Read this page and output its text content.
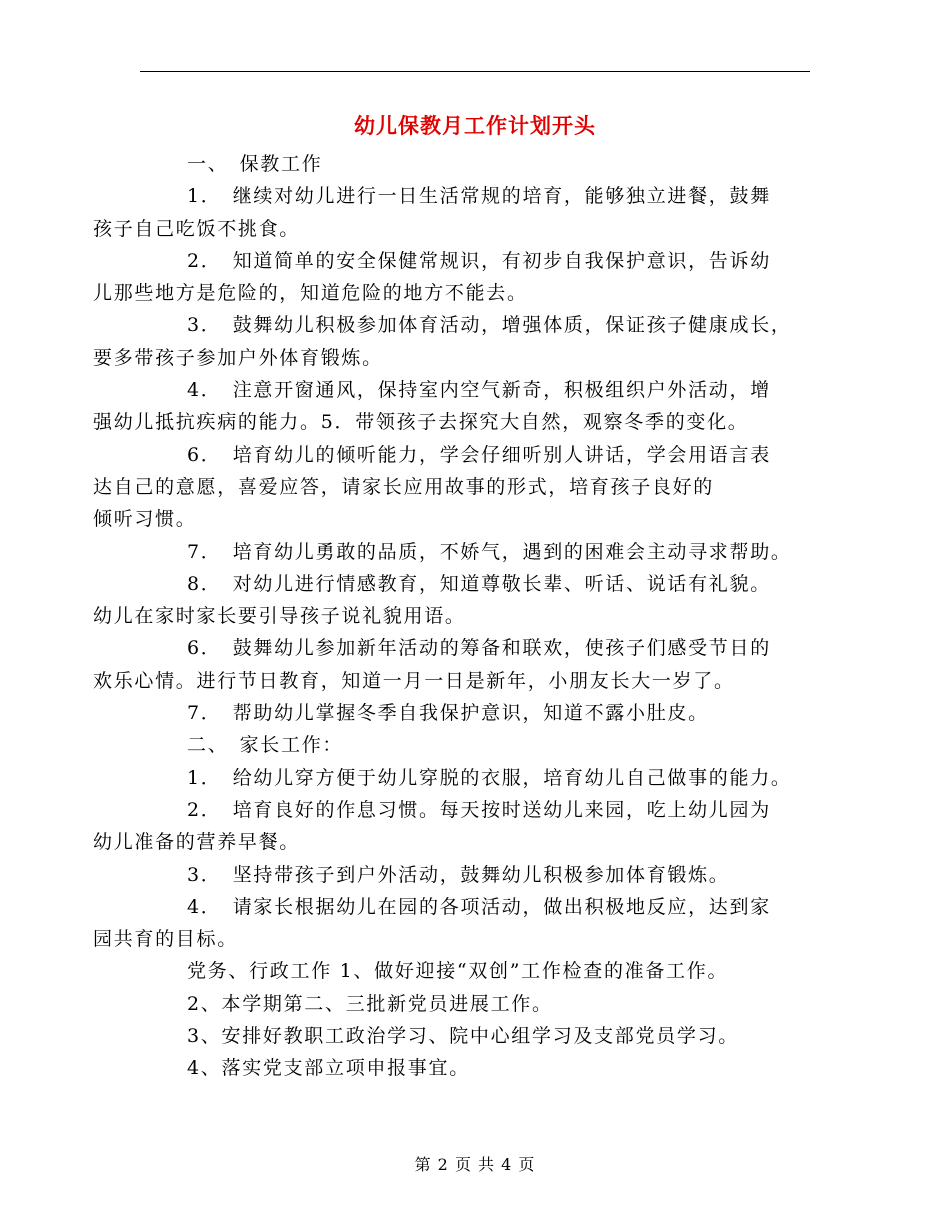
幼儿保教月工作计划开头

一、　保教工作

1．　继续对幼儿进行一日生活常规的培育，能够独立进餐，鼓舞
孩子自己吃饭不挑食。

2．　知道简单的安全保健常规识，有初步自我保护意识，告诉幼
儿那些地方是危险的，知道危险的地方不能去。

3．　鼓舞幼儿积极参加体育活动，增强体质，保证孩子健康成长，
要多带孩子参加户外体育锻炼。

4．　注意开窗通风，保持室内空气新奇，积极组织户外活动，增
强幼儿抵抗疾病的能力。5．带领孩子去探究大自然，观察冬季的变化。

6．　培育幼儿的倾听能力，学会仔细听别人讲话，学会用语言表
达自己的意愿，喜爱应答，请家长应用故事的形式，培育孩子良好的
倾听习惯。

7．　培育幼儿勇敢的品质，不娇气，遇到的困难会主动寻求帮助。

8．　对幼儿进行情感教育，知道尊敬长辈、听话、说话有礼貌。
幼儿在家时家长要引导孩子说礼貌用语。

6．　鼓舞幼儿参加新年活动的筹备和联欢，使孩子们感受节日的
欢乐心情。进行节日教育，知道一月一日是新年，小朋友长大一岁了。

7．　帮助幼儿掌握冬季自我保护意识，知道不露小肚皮。

二、　家长工作：

1．　给幼儿穿方便于幼儿穿脱的衣服，培育幼儿自己做事的能力。

2．　培育良好的作息习惯。每天按时送幼儿来园，吃上幼儿园为
幼儿准备的营养早餐。

3．　坚持带孩子到户外活动，鼓舞幼儿积极参加体育锻炼。

4．　请家长根据幼儿在园的各项活动，做出积极地反应，达到家
园共育的目标。

党务、行政工作 1、做好迎接“双创”工作检查的准备工作。

2、本学期第二、三批新党员进展工作。

3、安排好教职工政治学习、院中心组学习及支部党员学习。

4、落实党支部立项申报事宜。

第 2 页 共 4 页
